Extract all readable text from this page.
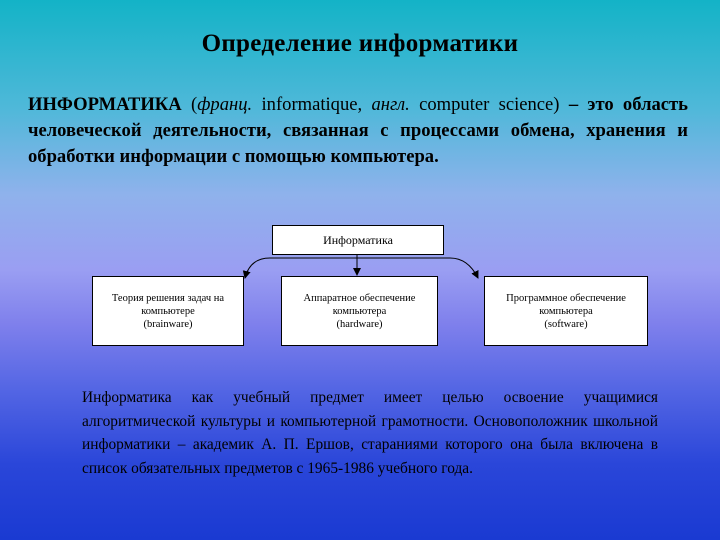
Определение информатики
ИНФОРМАТИКА (франц. informatique, англ. computer science) – это область человеческой деятельности, связанная с процессами обмена, хранения и обработки информации с помощью компьютера.
Информатика
Теория решения задач на
компьютере
(brainware)
Аппаратное обеспечение
компьютера
(hardware)
Программное обеспечение
компьютера
(software)
Информатика как учебный предмет имеет целью освоение учащимися алгоритмической культуры и компьютерной грамотности. Основоположник школьной информатики – академик А. П. Ершов, стараниями которого она была включена в список обязательных предметов с 1965-1986 учебного года.
